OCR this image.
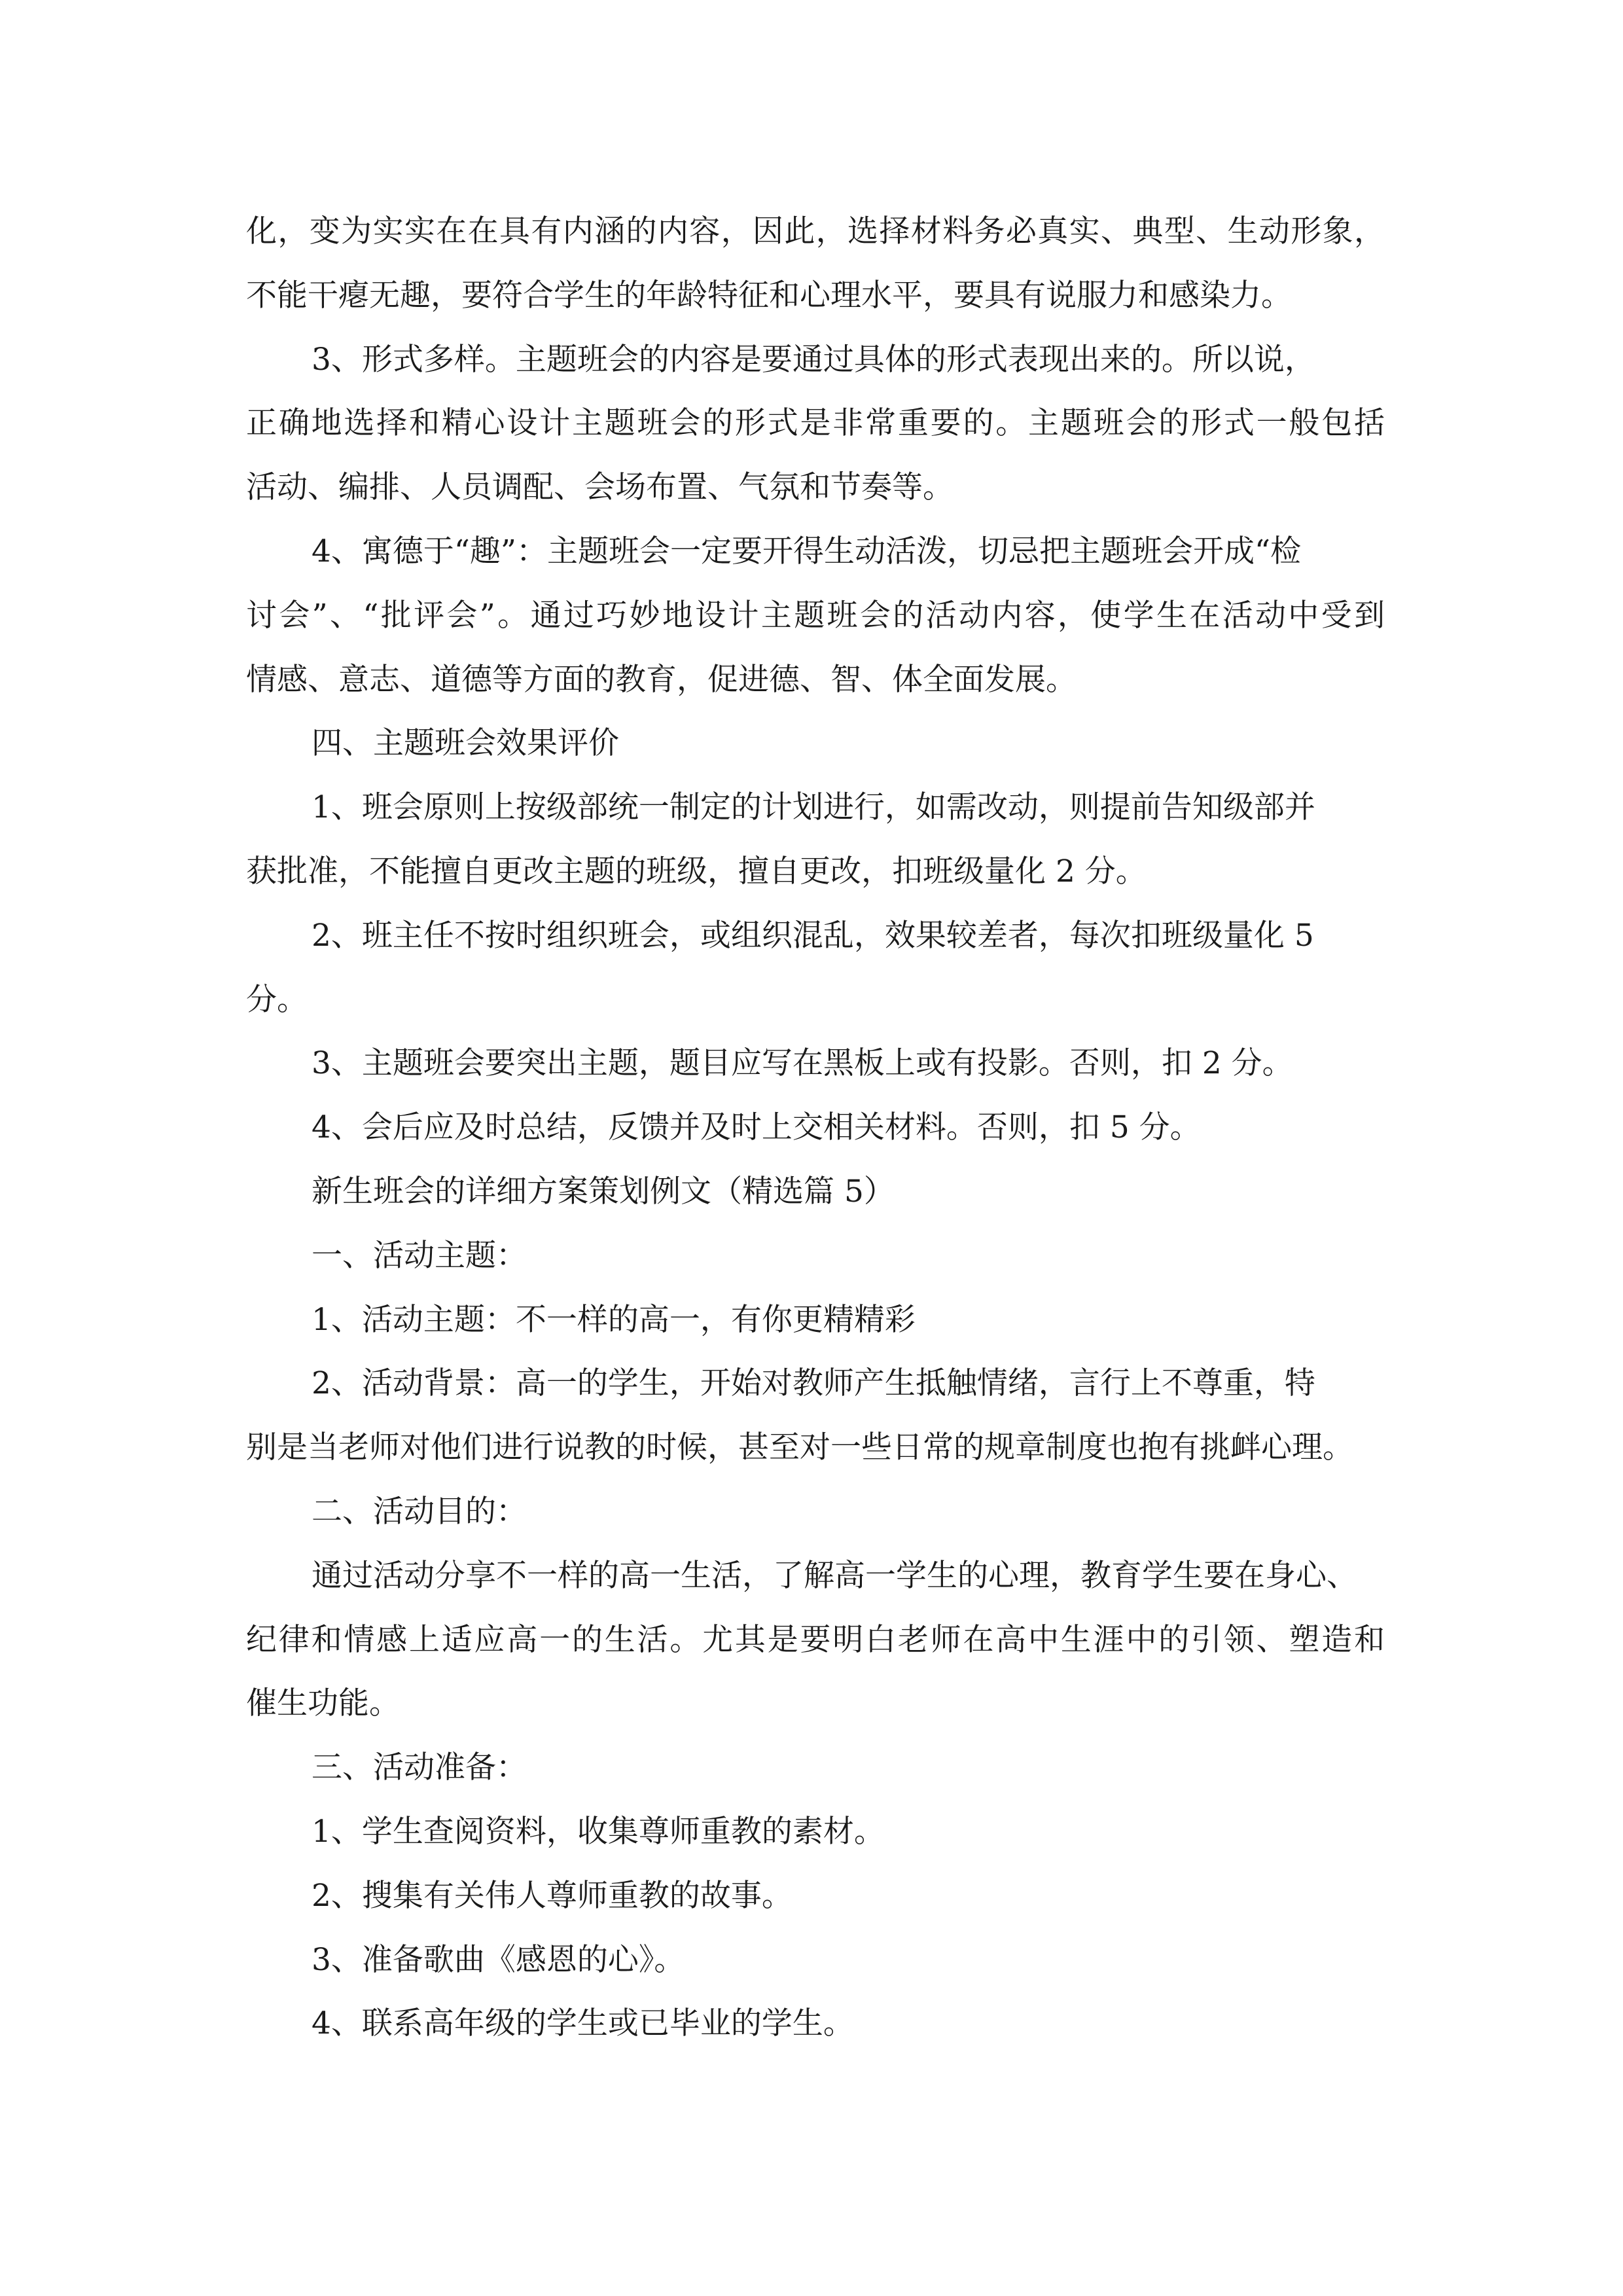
化，变为实实在在具有内涵的内容，因此，选择材料务必真实、典型、生动形象，
不能干瘪无趣，要符合学生的年龄特征和心理水平，要具有说服力和感染力。
3、形式多样。主题班会的内容是要通过具体的形式表现出来的。所以说，
正确地选择和精心设计主题班会的形式是非常重要的。主题班会的形式一般包括
活动、编排、人员调配、会场布置、气氛和节奏等。
4、寓德于“趣”：主题班会一定要开得生动活泼，切忌把主题班会开成“检
讨会”、“批评会”。通过巧妙地设计主题班会的活动内容，使学生在活动中受到
情感、意志、道德等方面的教育，促进德、智、体全面发展。
四、主题班会效果评价
1、班会原则上按级部统一制定的计划进行，如需改动，则提前告知级部并
获批准，不能擅自更改主题的班级，擅自更改，扣班级量化 2 分。
2、班主任不按时组织班会，或组织混乱，效果较差者，每次扣班级量化 5
分。
3、主题班会要突出主题，题目应写在黑板上或有投影。否则，扣 2 分。
4、会后应及时总结，反馈并及时上交相关材料。否则，扣 5 分。
新生班会的详细方案策划例文（精选篇 5）
一、活动主题：
1、活动主题：不一样的高一，有你更精精彩
2、活动背景：高一的学生，开始对教师产生抵触情绪，言行上不尊重，特
别是当老师对他们进行说教的时候，甚至对一些日常的规章制度也抱有挑衅心理。
二、活动目的：
通过活动分享不一样的高一生活，了解高一学生的心理，教育学生要在身心、
纪律和情感上适应高一的生活。尤其是要明白老师在高中生涯中的引领、塑造和
催生功能。
三、活动准备：
1、学生查阅资料，收集尊师重教的素材。
2、搜集有关伟人尊师重教的故事。
3、准备歌曲《感恩的心》。
4、联系高年级的学生或已毕业的学生。
